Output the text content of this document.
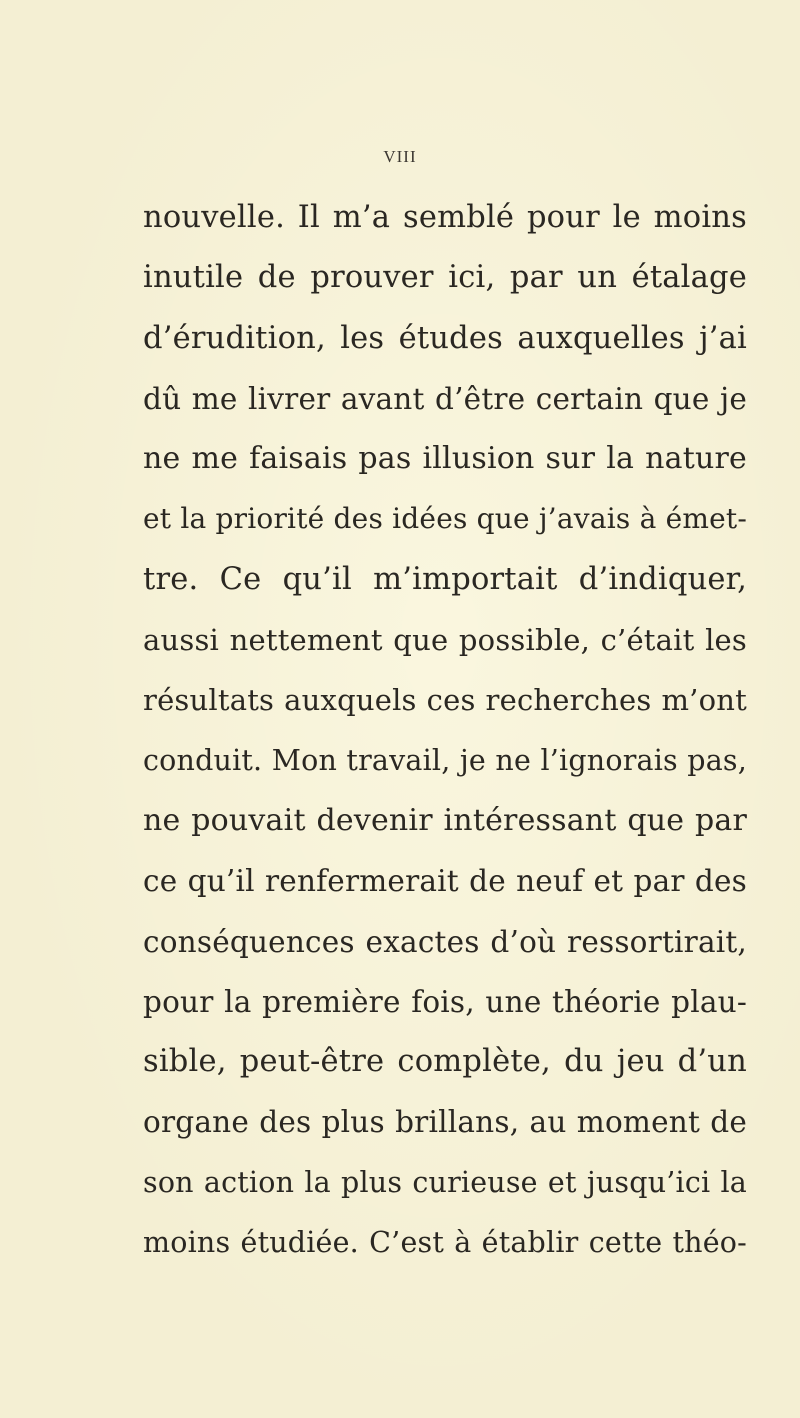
VIII
nouvelle. Il m’a semblé pour le moins
inutile de prouver ici, par un étalage
d’érudition, les études auxquelles j’ai
dû me livrer avant d’être certain que je
ne me faisais pas illusion sur la nature
et la priorité des idées que j’avais à émet-
tre. Ce qu’il m’importait d’indiquer,
aussi nettement que possible, c’était les
résultats auxquels ces recherches m’ont
conduit. Mon travail, je ne l’ignorais pas,
ne pouvait devenir intéressant que par
ce qu’il renfermerait de neuf et par des
conséquences exactes d’où ressortirait,
pour la première fois, une théorie plau-
sible, peut-être complète, du jeu d’un
organe des plus brillans, au moment de
son action la plus curieuse et jusqu’ici la
moins étudiée. C’est à établir cette théo-
